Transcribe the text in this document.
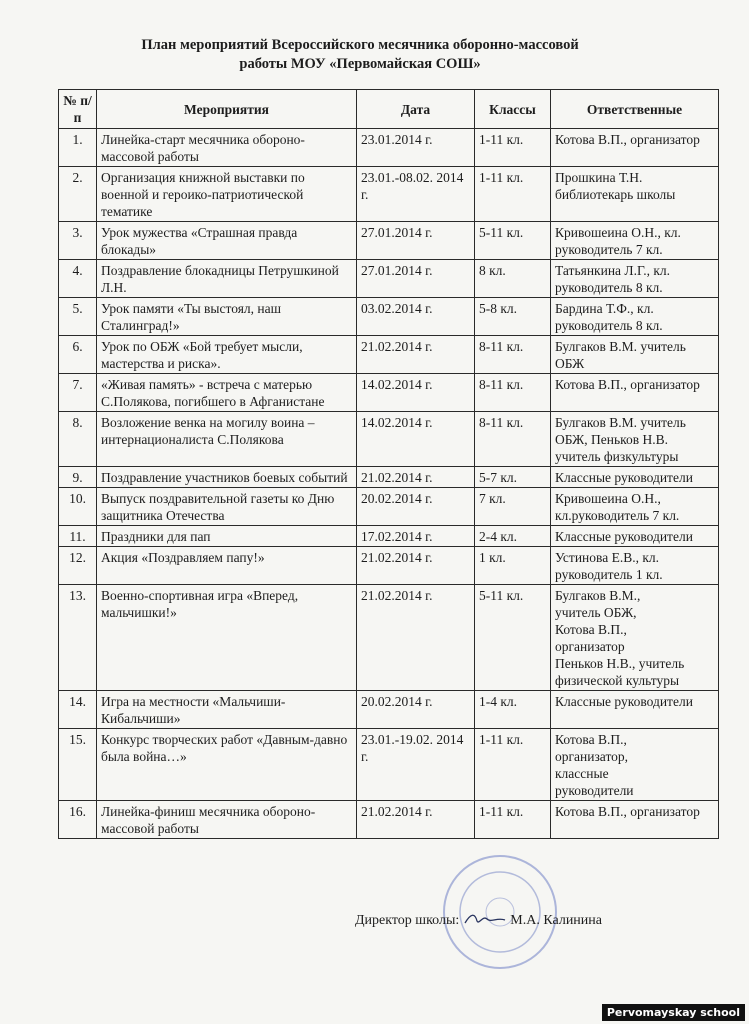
План мероприятий Всероссийского месячника оборонно-массовой
работы МОУ «Первомайская СОШ»
№ п/п	Мероприятия	Дата	Классы	Ответственные
1.	Линейка-старт месячника обороно-массовой работы	23.01.2014 г.	1-11 кл.	Котова В.П., организатор
2.	Организация книжной выставки по военной и героико-патриотической тематике	23.01.-08.02. 2014 г.	1-11 кл.	Прошкина Т.Н. библиотекарь школы
3.	Урок мужества «Страшная правда блокады»	27.01.2014 г.	5-11 кл.	Кривошеина О.Н., кл. руководитель 7 кл.
4.	Поздравление блокадницы Петрушкиной Л.Н.	27.01.2014 г.	8 кл.	Татьянкина Л.Г., кл. руководитель 8 кл.
5.	Урок памяти «Ты выстоял, наш Сталинград!»	03.02.2014 г.	5-8 кл.	Бардина Т.Ф., кл. руководитель 8 кл.
6.	Урок по ОБЖ «Бой требует мысли, мастерства и риска».	21.02.2014 г.	8-11 кл.	Булгаков В.М. учитель ОБЖ
7.	«Живая память» - встреча с матерью С.Полякова, погибшего в Афганистане	14.02.2014 г.	8-11 кл.	Котова В.П., организатор
8.	Возложение венка на могилу воина – интернационалиста С.Полякова	14.02.2014 г.	8-11 кл.	Булгаков В.М. учитель ОБЖ, Пеньков Н.В. учитель физкультуры
9.	Поздравление участников боевых событий	21.02.2014 г.	5-7 кл.	Классные руководители
10.	Выпуск поздравительной газеты ко Дню защитника Отечества	20.02.2014 г.	7 кл.	Кривошеина О.Н., кл.руководитель 7 кл.
11.	Праздники для пап	17.02.2014 г.	2-4 кл.	Классные руководители
12.	Акция «Поздравляем папу!»	21.02.2014 г.	1 кл.	Устинова Е.В., кл. руководитель 1 кл.
13.	Военно-спортивная игра «Вперед, мальчишки!»	21.02.2014 г.	5-11 кл.	Булгаков В.М.,
учитель ОБЖ,
Котова В.П.,
организатор
Пеньков Н.В., учитель физической культуры
14.	Игра на местности «Мальчиши-Кибальчиши»	20.02.2014 г.	1-4 кл.	Классные руководители
15.	Конкурс творческих работ «Давным-давно была война…»	23.01.-19.02. 2014 г.	1-11 кл.	Котова В.П.,
организатор,
классные
руководители
16.	Линейка-финиш месячника обороно-массовой работы	21.02.2014 г.	1-11 кл.	Котова В.П., организатор
Директор школы:	М.А. Калинина
Pervomayskay school
